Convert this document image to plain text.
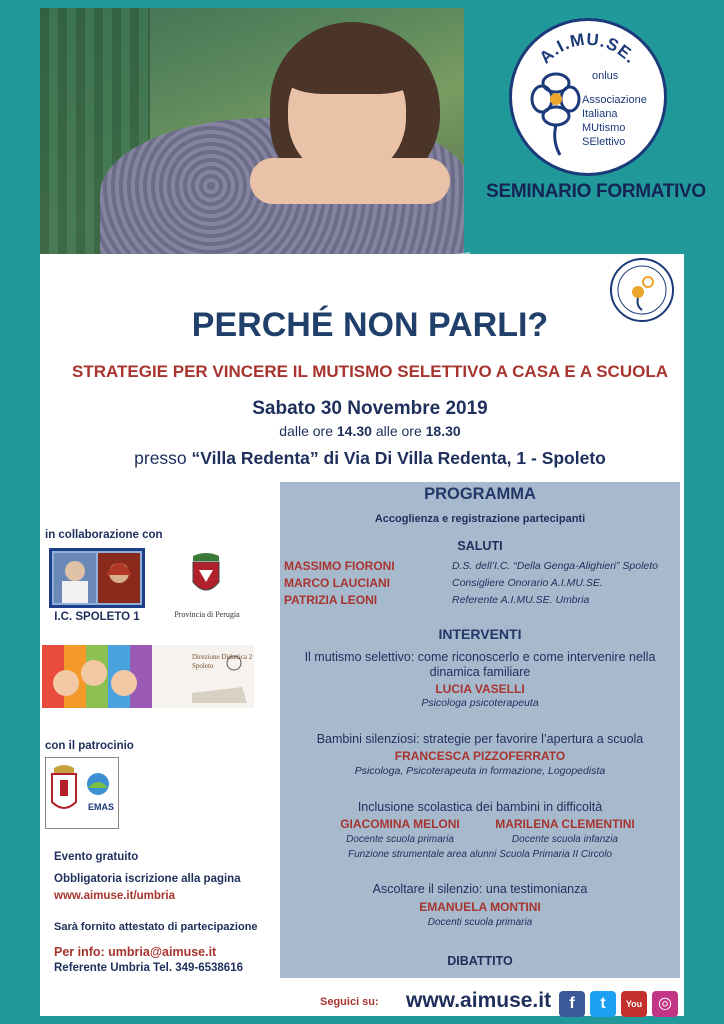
A.I.MU.SE.
onlus
Associazione
Italiana
MUtismo
SElettivo
SEMINARIO FORMATIVO
PERCHÉ NON PARLI?
STRATEGIE PER VINCERE IL MUTISMO SELETTIVO A CASA E A SCUOLA
Sabato 30 Novembre 2019
dalle ore 14.30 alle ore 18.30
presso “Villa Redenta” di Via Di Villa Redenta, 1 - Spoleto
in collaborazione con
I.C. SPOLETO 1	Provincia di Perugia
Direzione Didattica 2
Spoleto
con il patrocinio
EMAS
Evento gratuito
Obbligatoria iscrizione alla pagina
www.aimuse.it/umbria
Sarà fornito attestato di partecipazione
Per info: umbria@aimuse.it
Referente Umbria Tel. 349-6538616
PROGRAMMA
Accoglienza e registrazione partecipanti
SALUTI
MASSIMO FIORONI	D.S. dell’I.C. “Della Genga-Alighieri” Spoleto
MARCO LAUCIANI	Consigliere Onorario A.I.MU.SE.
PATRIZIA LEONI	Referente A.I.MU.SE. Umbria
INTERVENTI
Il mutismo selettivo: come riconoscerlo e come intervenire nella
dinamica familiare
LUCIA VASELLI
Psicologa psicoterapeuta
Bambini silenziosi: strategie per favorire l’apertura a scuola
FRANCESCA PIZZOFERRATO
Psicologa, Psicoterapeuta in formazione, Logopedista
Inclusione scolastica dei bambini in difficoltà
GIACOMINA MELONI	MARILENA CLEMENTINI
Docente scuola primaria	Docente scuola infanzia
Funzione strumentale area alunni Scuola Primaria II Circolo
Ascoltare il silenzio: una testimonianza
EMANUELA MONTINI
Docenti scuola primaria
DIBATTITO
Seguici su: www.aimuse.it	f	t	You ◎
